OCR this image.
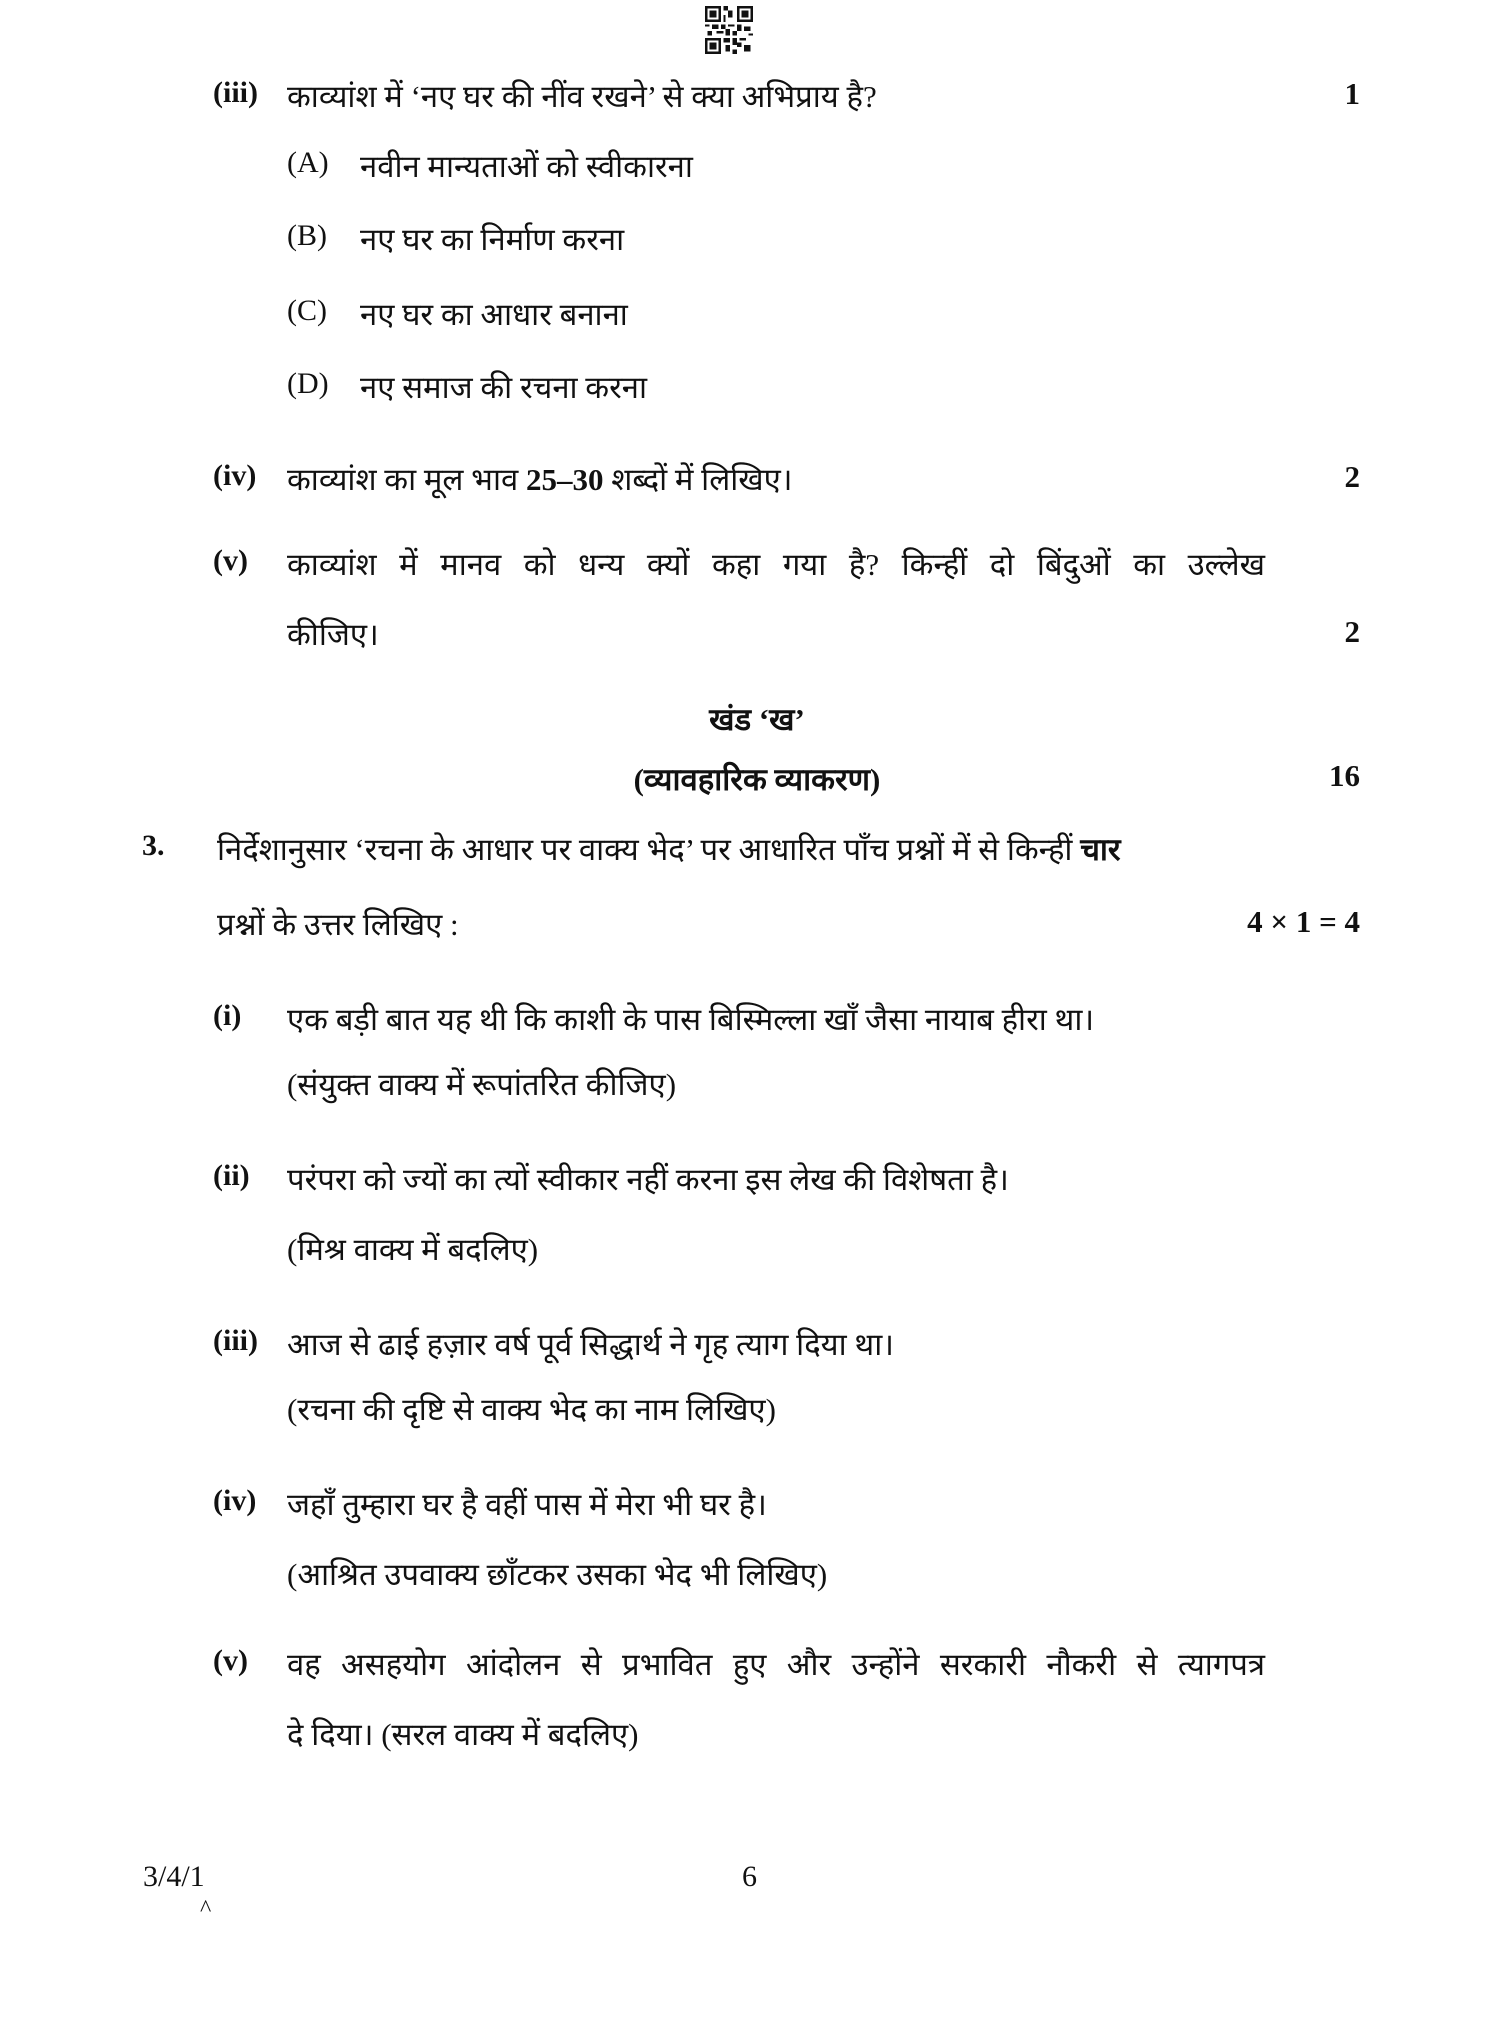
(iii) काव्यांश में ‘नए घर की नींव रखने’ से क्या अभिप्राय है?	1
(A) नवीन मान्यताओं को स्वीकारना
(B) नए घर का निर्माण करना
(C) नए घर का आधार बनाना
(D) नए समाज की रचना करना
(iv) काव्यांश का मूल भाव 25–30 शब्दों में लिखिए।	2
(v) काव्यांश में मानव को धन्य क्यों कहा गया है? किन्हीं दो बिंदुओं का उल्लेख
कीजिए।	2
खंड ‘ख’
(व्यावहारिक व्याकरण)	16
3. निर्देशानुसार ‘रचना के आधार पर वाक्य भेद’ पर आधारित पाँच प्रश्नों में से किन्हीं चार
प्रश्नों के उत्तर लिखिए :	4 × 1 = 4
(i) एक बड़ी बात यह थी कि काशी के पास बिस्मिल्ला खाँ जैसा नायाब हीरा था।
(संयुक्त वाक्य में रूपांतरित कीजिए)
(ii) परंपरा को ज्यों का त्यों स्वीकार नहीं करना इस लेख की विशेषता है।
(मिश्र वाक्य में बदलिए)
(iii) आज से ढाई हज़ार वर्ष पूर्व सिद्धार्थ ने गृह त्याग दिया था।
(रचना की दृष्टि से वाक्य भेद का नाम लिखिए)
(iv) जहाँ तुम्हारा घर है वहीं पास में मेरा भी घर है।
(आश्रित उपवाक्य छाँटकर उसका भेद भी लिखिए)
(v) वह असहयोग आंदोलन से प्रभावित हुए और उन्होंने सरकारी नौकरी से त्यागपत्र
दे दिया। (सरल वाक्य में बदलिए)
3/4/1	6
^
